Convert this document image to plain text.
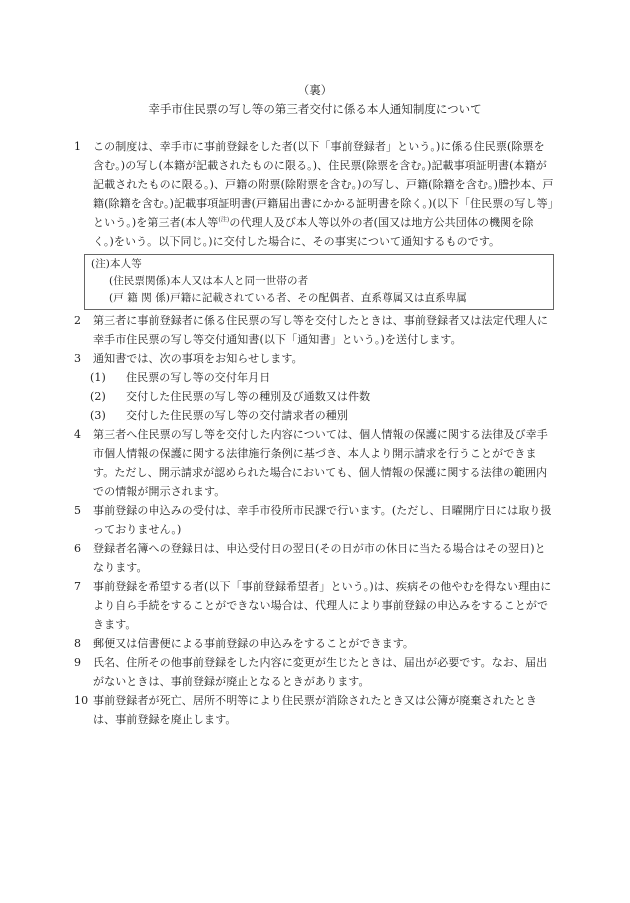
（裏）
幸手市住民票の写し等の第三者交付に係る本人通知制度について

1 この制度は、幸手市に事前登録をした者(以下「事前登録者」という。)に係る住民票(除票を含む。)の写し(本籍が記載されたものに限る。)、住民票(除票を含む。)記載事項証明書(本籍が記載されたものに限る。)、戸籍の附票(除附票を含む。)の写し、戸籍(除籍を含む。)謄抄本、戸籍(除籍を含む。)記載事項証明書(戸籍届出書にかかる証明書を除く。)(以下「住民票の写し等」という。)を第三者(本人等$^{(注)}$の代理人及び本人等以外の者(国又は地方公共団体の機関を除く。)をいう。以下同じ。)に交付した場合に、その事実について通知するものです。

(注)本人等
(住民票関係)本人又は本人と同一世帯の者
(戸 籍 関 係)戸籍に記載されている者、その配偶者、直系尊属又は直系卑属

2 第三者に事前登録者に係る住民票の写し等を交付したときは、事前登録者又は法定代理人に幸手市住民票の写し等交付通知書(以下「通知書」という。)を送付します。

3 通知書では、次の事項をお知らせします。

(1) 住民票の写し等の交付年月日

(2) 交付した住民票の写し等の種別及び通数又は件数

(3) 交付した住民票の写し等の交付請求者の種別

4 第三者へ住民票の写し等を交付した内容については、個人情報の保護に関する法律及び幸手市個人情報の保護に関する法律施行条例に基づき、本人より開示請求を行うことができます。ただし、開示請求が認められた場合においても、個人情報の保護に関する法律の範囲内での情報が開示されます。

5 事前登録の申込みの受付は、幸手市役所市民課で行います。(ただし、日曜開庁日には取り扱っておりません。)

6 登録者名簿への登録日は、申込受付日の翌日(その日が市の休日に当たる場合はその翌日)となります。

7 事前登録を希望する者(以下「事前登録希望者」という。)は、疾病その他やむを得ない理由により自ら手続をすることができない場合は、代理人により事前登録の申込みをすることができます。

8 郵便又は信書便による事前登録の申込みをすることができます。

9 氏名、住所その他事前登録をした内容に変更が生じたときは、届出が必要です。なお、届出がないときは、事前登録が廃止となるときがあります。

10 事前登録者が死亡、居所不明等により住民票が消除されたとき又は公簿が廃棄されたときは、事前登録を廃止します。
